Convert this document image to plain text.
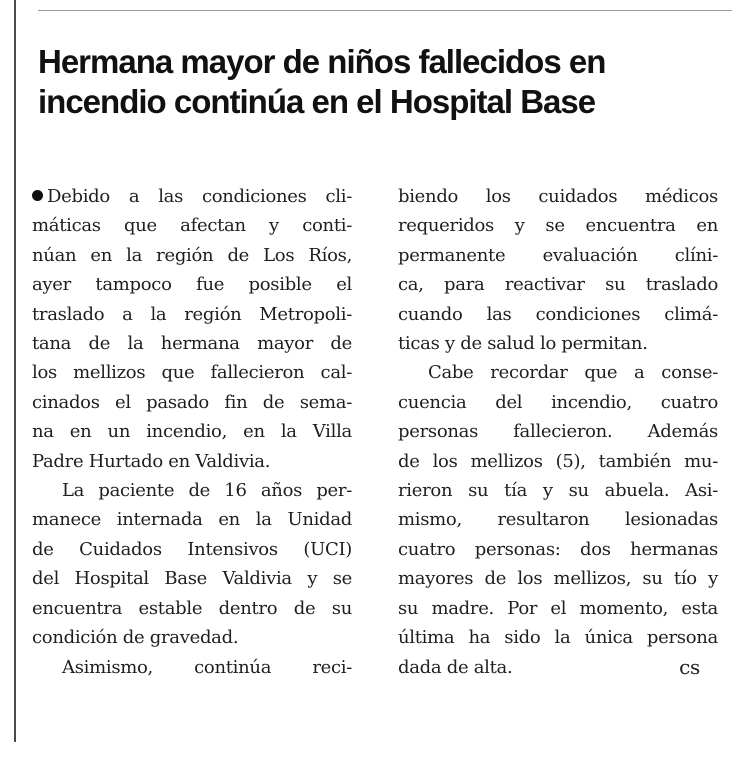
Hermana mayor de niños fallecidos en
incendio continúa en el Hospital Base
Debido a las condiciones cli-
máticas que afectan y conti-
núan en la región de Los Ríos,
ayer tampoco fue posible el
traslado a la región Metropoli-
tana de la hermana mayor de
los mellizos que fallecieron cal-
cinados el pasado fin de sema-
na en un incendio, en la Villa
Padre Hurtado en Valdivia.
La paciente de 16 años per-
manece internada en la Unidad
de Cuidados Intensivos (UCI)
del Hospital Base Valdivia y se
encuentra estable dentro de su
condición de gravedad.
Asimismo, continúa reci-
biendo los cuidados médicos
requeridos y se encuentra en
permanente evaluación clíni-
ca, para reactivar su traslado
cuando las condiciones climá-
ticas y de salud lo permitan.
Cabe recordar que a conse-
cuencia del incendio, cuatro
personas fallecieron. Además
de los mellizos (5), también mu-
rieron su tía y su abuela. Asi-
mismo, resultaron lesionadas
cuatro personas: dos hermanas
mayores de los mellizos, su tío y
su madre. Por el momento, esta
última ha sido la única persona
dada de alta.	cs
